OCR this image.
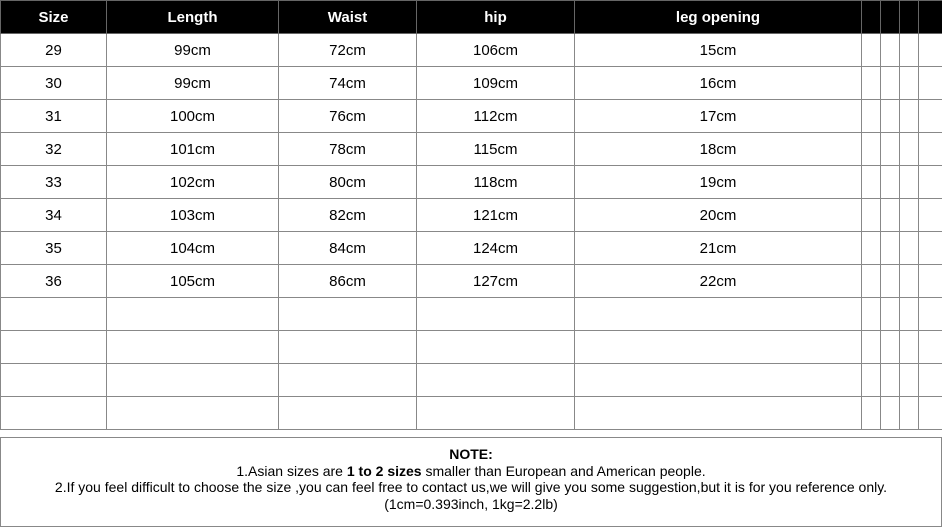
Size	Length	Waist	hip	leg opening				
29	99cm	72cm	106cm	15cm				
30	99cm	74cm	109cm	16cm				
31	100cm	76cm	112cm	17cm				
32	101cm	78cm	115cm	18cm				
33	102cm	80cm	118cm	19cm				
34	103cm	82cm	121cm	20cm				
35	104cm	84cm	124cm	21cm				
36	105cm	86cm	127cm	22cm				

NOTE:
1.Asian sizes are 1 to 2 sizes smaller than European and American people.
2.If you feel difficult to choose the size ,you can feel free to contact us,we will give you some suggestion,but it is for you reference only.
(1cm=0.393inch, 1kg=2.2lb)
